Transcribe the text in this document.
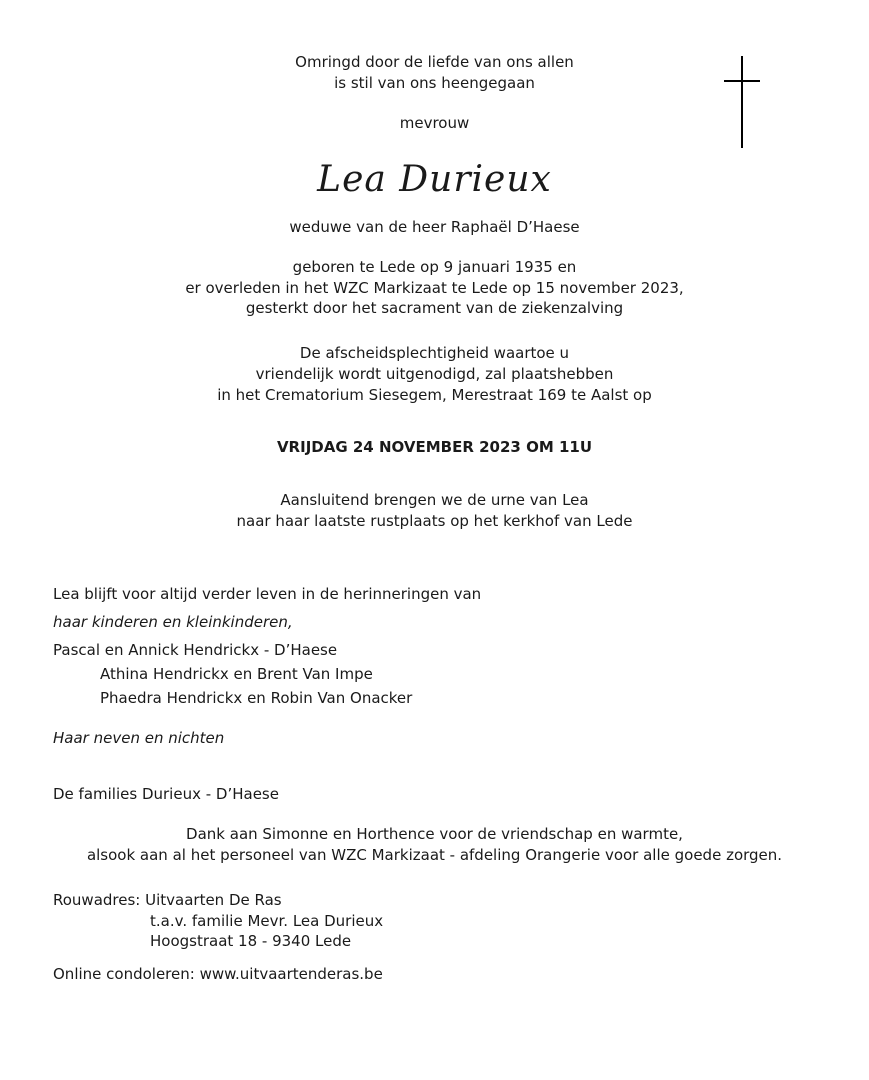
Omringd door de liefde van ons allen
is stil van ons heengegaan
mevrouw
Lea Durieux
weduwe van de heer Raphaël D’Haese
geboren te Lede op 9 januari 1935 en
er overleden in het WZC Markizaat te Lede op 15 november 2023,
gesterkt door het sacrament van de ziekenzalving
De afscheidsplechtigheid waartoe u
vriendelijk wordt uitgenodigd, zal plaatshebben
in het Crematorium Siesegem, Merestraat 169 te Aalst op
VRIJDAG 24 NOVEMBER 2023 OM 11U
Aansluitend brengen we de urne van Lea
naar haar laatste rustplaats op het kerkhof van Lede
Lea blijft voor altijd verder leven in de herinneringen van
haar kinderen en kleinkinderen,
Pascal en Annick Hendrickx - D’Haese
Athina Hendrickx en Brent Van Impe
Phaedra Hendrickx en Robin Van Onacker
Haar neven en nichten
De families Durieux - D’Haese
Dank aan Simonne en Horthence voor de vriendschap en warmte,
alsook aan al het personeel van WZC Markizaat - afdeling Orangerie voor alle goede zorgen.
Rouwadres: Uitvaarten De Ras
t.a.v. familie Mevr. Lea Durieux
Hoogstraat 18 - 9340 Lede
Online condoleren: www.uitvaartenderas.be
